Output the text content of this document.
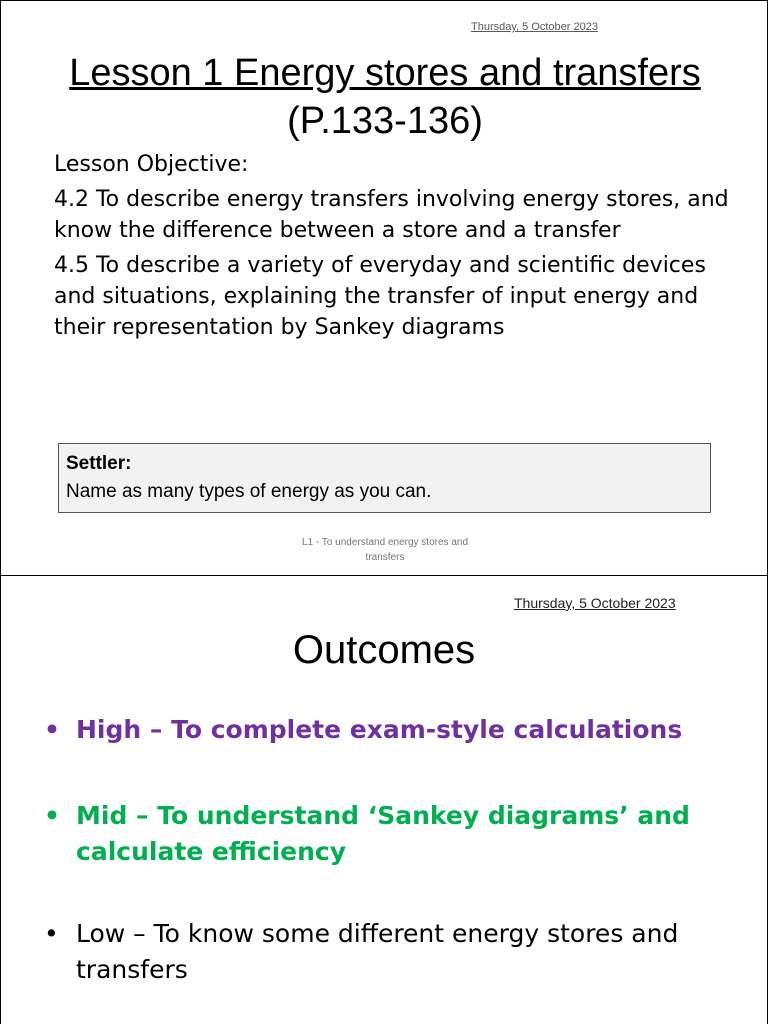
Thursday, 5 October 2023
Lesson 1 Energy stores and transfers
(P.133-136)

Lesson Objective:

4.2 To describe energy transfers involving energy stores, and know the difference between a store and a transfer

4.5 To describe a variety of everyday and scientific devices and situations, explaining the transfer of input energy and their representation by Sankey diagrams

Settler:
Name as many types of energy as you can.
L1 - To understand energy stores and
transfers
Thursday, 5 October 2023
Outcomes
• High – To complete exam-style calculations
• Mid – To understand ‘Sankey diagrams’ and calculate efficiency
• Low – To know some different energy stores and transfers
